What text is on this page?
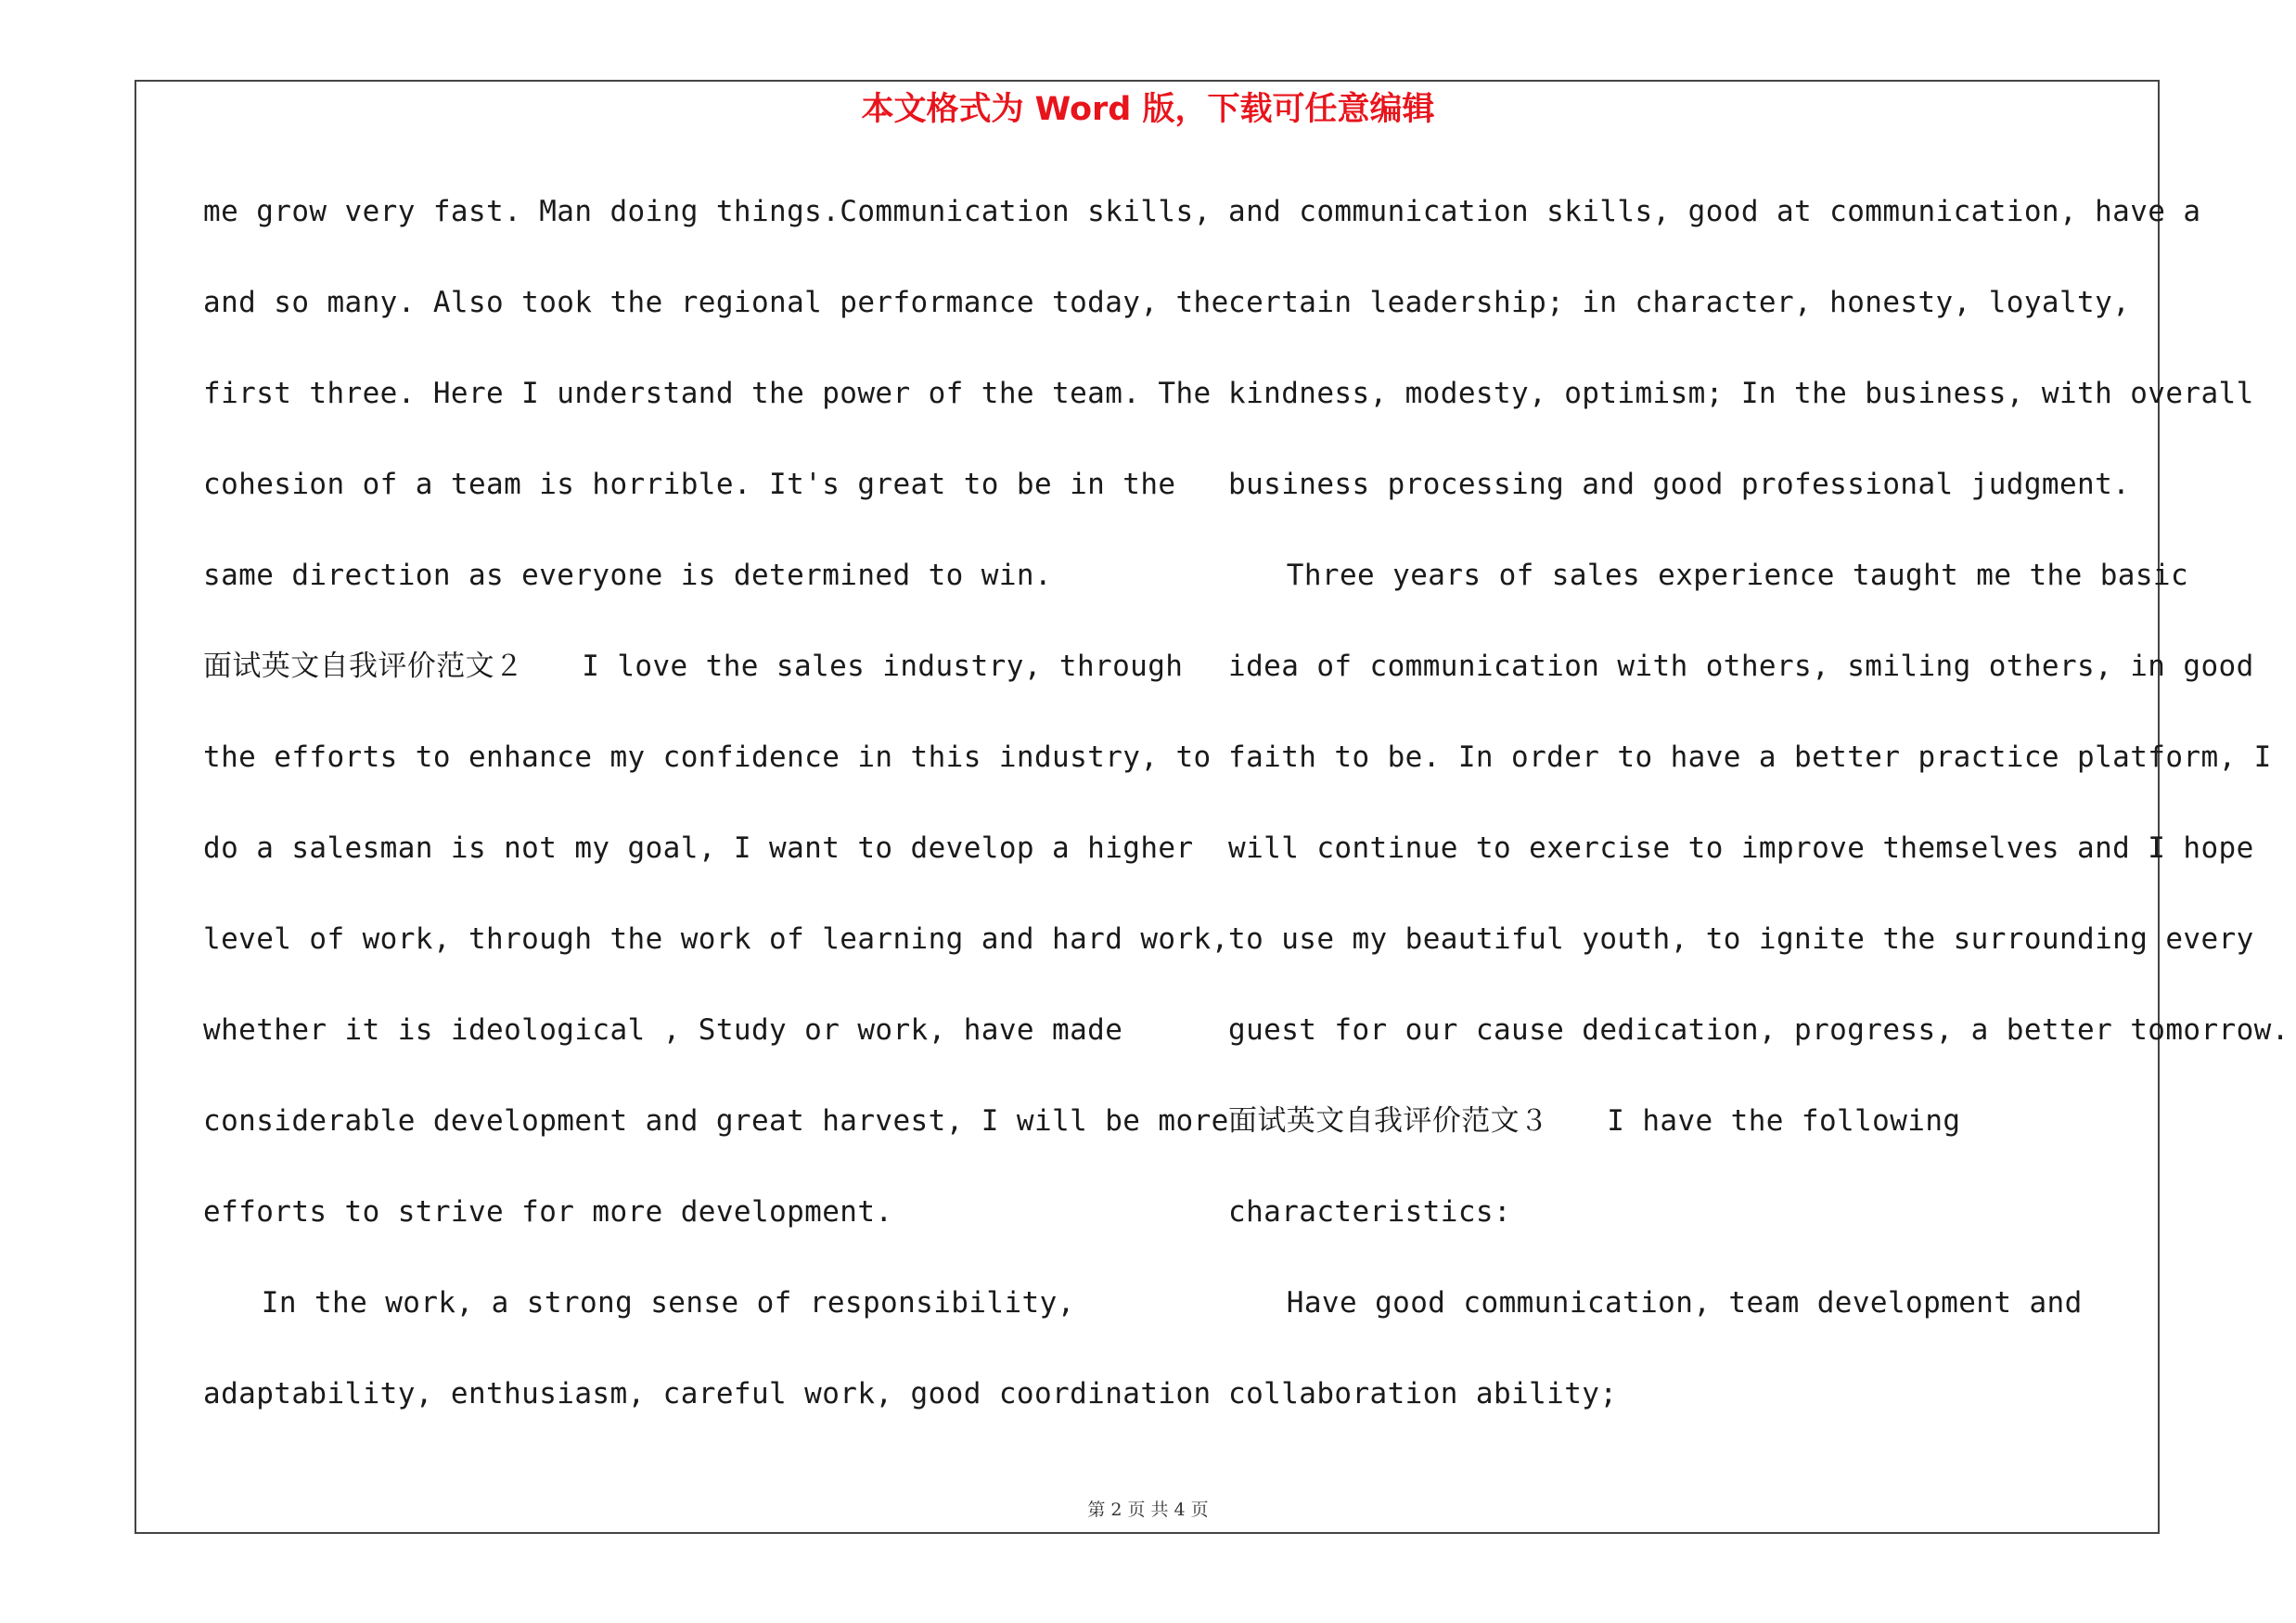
本文格式为 Word 版，下载可任意编辑
me grow very fast. Man doing things.Communication skills,
and so many. Also took the regional performance today, the
first three. Here I understand the power of the team. The
cohesion of a team is horrible. It's great to be in the
same direction as everyone is determined to win.
面试英文自我评价范文２　　I love the sales industry, through
the efforts to enhance my confidence in this industry, to
do a salesman is not my goal, I want to develop a higher
level of work, through the work of learning and hard work,
whether it is ideological , Study or work, have made
considerable development and great harvest, I will be more
efforts to strive for more development.
　　In the work, a strong sense of responsibility,
adaptability, enthusiasm, careful work, good coordination
and communication skills, good at communication, have a
certain leadership; in character, honesty, loyalty,
kindness, modesty, optimism; In the business, with overall
business processing and good professional judgment.
　　Three years of sales experience taught me the basic
idea of communication with others, smiling others, in good
faith to be. In order to have a better practice platform, I
will continue to exercise to improve themselves and I hope
to use my beautiful youth, to ignite the surrounding every
guest for our cause dedication, progress, a better tomorrow.
面试英文自我评价范文３　　I have the following
characteristics:
　　Have good communication, team development and
collaboration ability;
第 2 页 共 4 页
